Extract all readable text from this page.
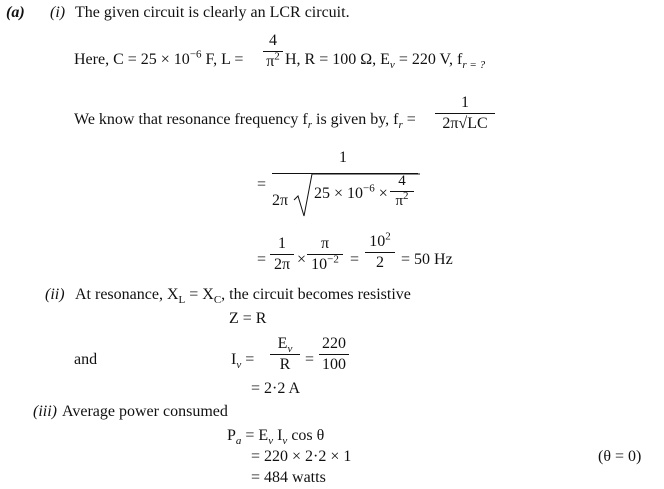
(a) (i) The given circuit is clearly an LCR circuit.
Here, $C = 25 \times 10^{-6}$ F, L =
4
$\pi^2$ H, R = 100 Ω, $E_v = 220$ V, $f_{r = ?}$
We know that resonance frequency $f_r$ is given by, $f_r$ =
1
2π√LC
=
1
2π $25 \times 10^{-6}$ ×
4
$\pi^2$
=
1
2π ×
π
$10^{-2}$ =
$10^2$
2	= 50 Hz
(ii) At resonance, $X_L = X_C$, the circuit becomes resistive
Z = R
and	$I_v$ =
$E_v$
R =
220
100
= 2·2 A
(iii) Average power consumed
$P_a = E_v$ $I_v$ cos θ
= 220 × 2·2 × 1	(θ = 0)
= 484 watts
